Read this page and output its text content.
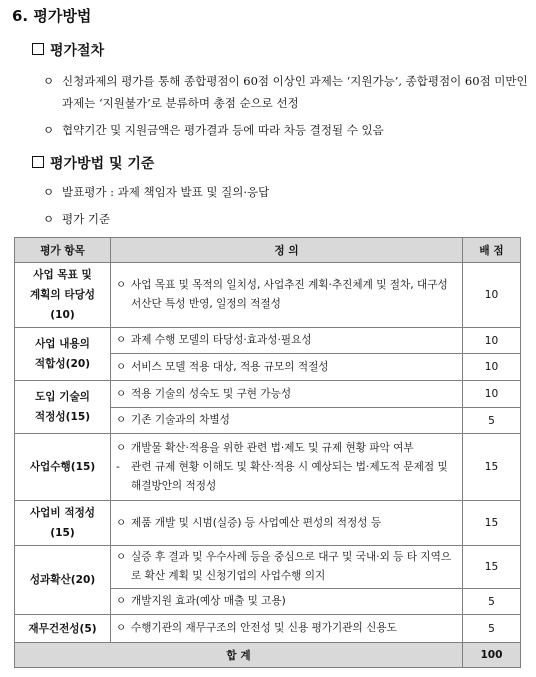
6. 평가방법
평가절차
ㅇ 신청과제의 평가를 통해 종합평점이 60점 이상인 과제는 ‘지원가능’, 종합평점이 60점 미만인 과제는 ‘지원불가’로 분류하며 총점 순으로 선정
ㅇ 협약기간 및 지원금액은 평가결과 등에 따라 차등 결정될 수 있음
평가방법 및 기준
ㅇ 발표평가 : 과제 책임자 발표 및 질의·응답
ㅇ 평가 기준
평가 항목	정 의	배 점
사업 목표 및
계획의 타당성(10)	ㅇ 사업 목표 및 목적의 일치성, 사업추진 계획·추진체계 및 절차, 대구성서산단 특성 반영, 일정의 적절성	10
사업 내용의
적합성(20)	ㅇ 과제 수행 모델의 타당성·효과성·필요성	10

	ㅇ 서비스 모델 적용 대상, 적용 규모의 적절성	10
도입 기술의
적정성(15)	ㅇ 적용 기술의 성숙도 및 구현 가능성	10

	ㅇ 기존 기술과의 차별성	5
사업수행(15)	ㅇ 개발물 확산·적용을 위한 관련 법·제도 및 규제 현황 파악 여부
- 관련 규제 현황 이해도 및 확산·적용 시 예상되는 법·제도적 문제점 및 해결방안의 적정성	15
사업비 적정성(15)	ㅇ 제품 개발 및 시범(실증) 등 사업예산 편성의 적정성 등	15
성과확산(20)	ㅇ 실증 후 결과 및 우수사례 등을 중심으로 대구 및 국내·외 등 타 지역으로 확산 계획 및 신청기업의 사업수행 의지	15

	ㅇ 개발지원 효과(예상 매출 및 고용)	5
재무건전성(5)	ㅇ 수행기관의 재무구조의 안전성 및 신용 평가기관의 신용도	5
합 계		100
